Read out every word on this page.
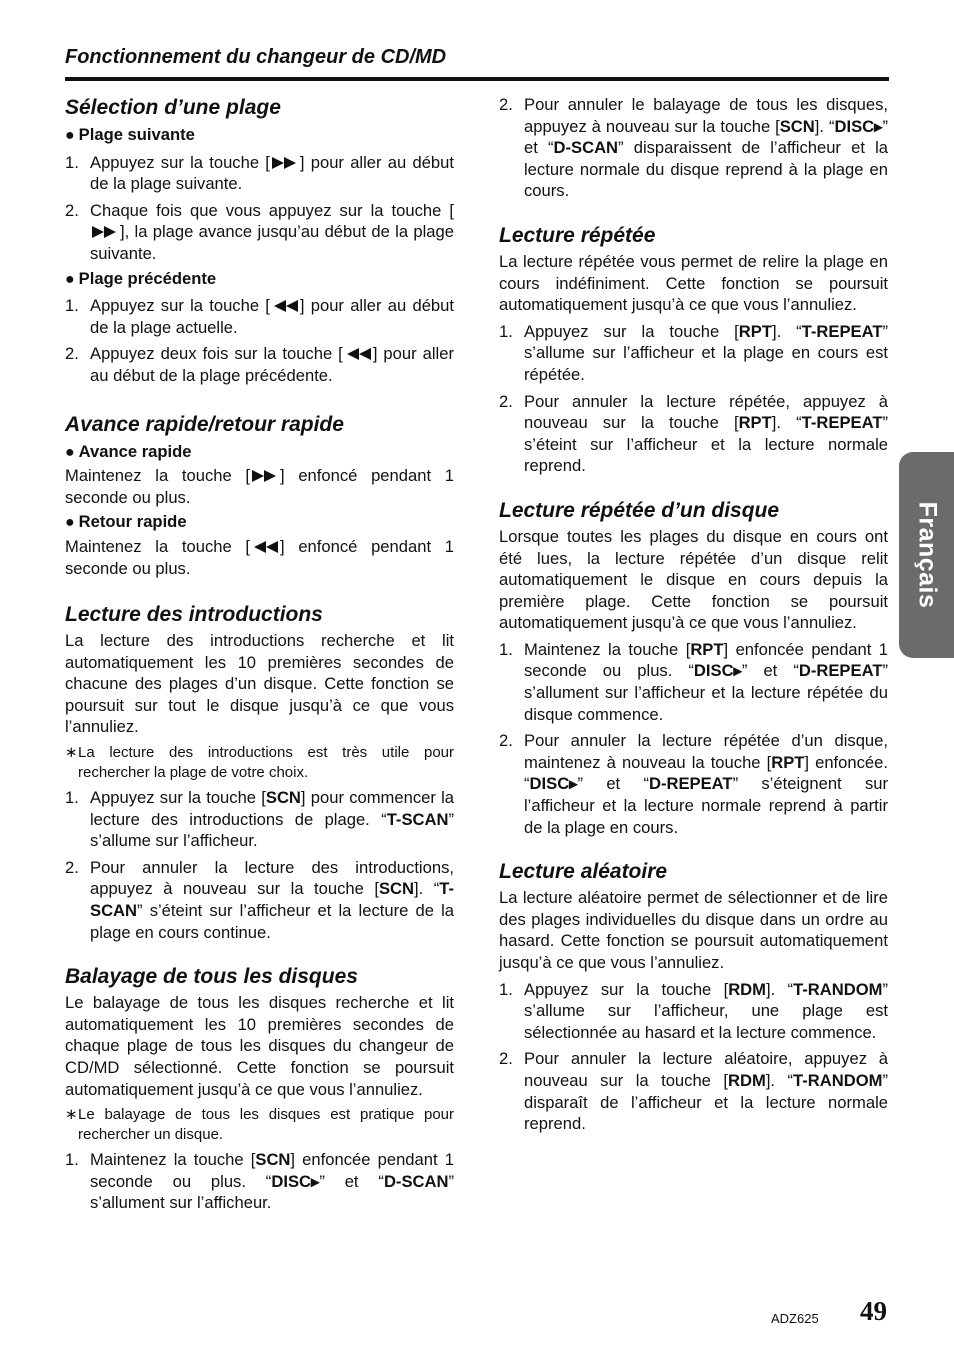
Fonctionnement du changeur de CD/MD
Sélection d’une plage
● Plage suivante
1. Appuyez sur la touche [ ] pour aller au début de la plage suivante.
2. Chaque fois que vous appuyez sur la touche [], la plage avance jusqu’au début de la plage suivante.
● Plage précédente
1. Appuyez sur la touche [ ] pour aller au début de la plage actuelle.
2. Appuyez deux fois sur la touche [ ] pour aller au début de la plage précédente.
Avance rapide/retour rapide
● Avance rapide

Maintenez la touche [ ] enfoncé pendant 1 seconde ou plus.

● Retour rapide

Maintenez la touche [ ] enfoncé pendant 1 seconde ou plus.

Lecture des introductions

La lecture des introductions recherche et lit automatiquement les 10 premières secondes de chacune des plages d’un disque. Cette fonction se poursuit sur tout le disque jusqu’à ce que vous l’annuliez.

∗ La lecture des introductions est très utile pour rechercher la plage de votre choix.
1. Appuyez sur la touche [SCN] pour commencer la lecture des introductions de plage. “T-SCAN” s’allume sur l’afficheur.
2. Pour annuler la lecture des introductions, appuyez à nouveau sur la touche [SCN]. “T-SCAN” s’éteint sur l’afficheur et la lecture de la plage en cours continue.
Balayage de tous les disques

Le balayage de tous les disques recherche et lit automatiquement les 10 premières secondes de chaque plage de tous les disques du changeur de CD/MD sélectionné. Cette fonction se poursuit automatiquement jusqu’à ce que vous l’annuliez.

∗ Le balayage de tous les disques est pratique pour rechercher un disque.
1. Maintenez la touche [SCN] enfoncée pendant 1 seconde ou plus. “DISC▸” et “D-SCAN” s’allument sur l’afficheur.
2. Pour annuler le balayage de tous les disques, appuyez à nouveau sur la touche [SCN]. “DISC▸” et “D-SCAN” disparaissent de l’afficheur et la lecture normale du disque reprend à la plage en cours.
Lecture répétée

La lecture répétée vous permet de relire la plage en cours indéfiniment. Cette fonction se poursuit automatiquement jusqu’à ce que vous l’annuliez.

1. Appuyez sur la touche [RPT]. “T-REPEAT” s’allume sur l’afficheur et la plage en cours est répétée.
2. Pour annuler la lecture répétée, appuyez à nouveau sur la touche [RPT]. “T-REPEAT” s’éteint sur l’afficheur et la lecture normale reprend.
Lecture répétée d’un disque

Lorsque toutes les plages du disque en cours ont été lues, la lecture répétée d’un disque relit automatiquement le disque en cours depuis la première plage. Cette fonction se poursuit automatiquement jusqu’à ce que vous l’annuliez.

1. Maintenez la touche [RPT] enfoncée pendant 1 seconde ou plus. “DISC▸” et “D-REPEAT” s’allument sur l’afficheur et la lecture répétée du disque commence.
2. Pour annuler la lecture répétée d’un disque, maintenez à nouveau la touche [RPT] enfoncée. “DISC▸” et “D-REPEAT” s’éteignent sur l’afficheur et la lecture normale reprend à partir de la plage en cours.
Lecture aléatoire

La lecture aléatoire permet de sélectionner et de lire des plages individuelles du disque dans un ordre au hasard. Cette fonction se poursuit automatiquement jusqu’à ce que vous l’annuliez.

1. Appuyez sur la touche [RDM]. “T-RANDOM” s’allume sur l’afficheur, une plage est sélectionnée au hasard et la lecture commence.
2. Pour annuler la lecture aléatoire, appuyez à nouveau sur la touche [RDM]. “T-RANDOM” disparaît de l’afficheur et la lecture normale reprend.
Français
ADZ625 49
